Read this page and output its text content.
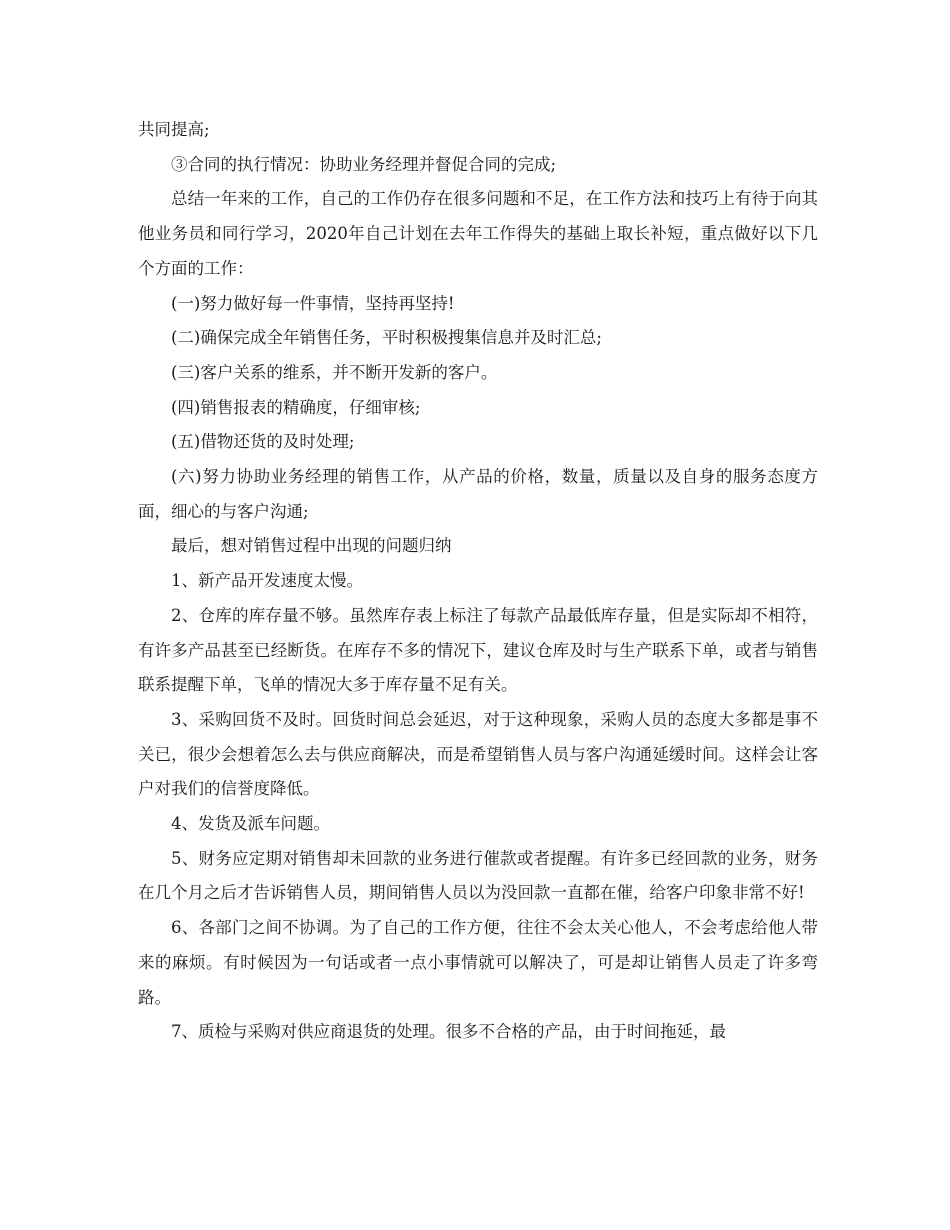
共同提高;

③合同的执行情况：协助业务经理并督促合同的完成;

总结一年来的工作，自己的工作仍存在很多问题和不足，在工作方法和技巧上有待于向其他业务员和同行学习，2020年自己计划在去年工作得失的基础上取长补短，重点做好以下几个方面的工作：

(一)努力做好每一件事情，坚持再坚持!

(二)确保完成全年销售任务，平时积极搜集信息并及时汇总;

(三)客户关系的维系，并不断开发新的客户。

(四)销售报表的精确度，仔细审核;

(五)借物还货的及时处理;

(六)努力协助业务经理的销售工作，从产品的价格，数量，质量以及自身的服务态度方面，细心的与客户沟通;

最后，想对销售过程中出现的问题归纳

1、新产品开发速度太慢。

2、仓库的库存量不够。虽然库存表上标注了每款产品最低库存量，但是实际却不相符，有许多产品甚至已经断货。在库存不多的情况下，建议仓库及时与生产联系下单，或者与销售联系提醒下单，飞单的情况大多于库存量不足有关。

3、采购回货不及时。回货时间总会延迟，对于这种现象，采购人员的态度大多都是事不关已，很少会想着怎么去与供应商解决，而是希望销售人员与客户沟通延缓时间。这样会让客户对我们的信誉度降低。

4、发货及派车问题。

5、财务应定期对销售却未回款的业务进行催款或者提醒。有许多已经回款的业务，财务在几个月之后才告诉销售人员，期间销售人员以为没回款一直都在催，给客户印象非常不好!

6、各部门之间不协调。为了自己的工作方便，往往不会太关心他人，不会考虑给他人带来的麻烦。有时候因为一句话或者一点小事情就可以解决了，可是却让销售人员走了许多弯路。

7、质检与采购对供应商退货的处理。很多不合格的产品，由于时间拖延，最
